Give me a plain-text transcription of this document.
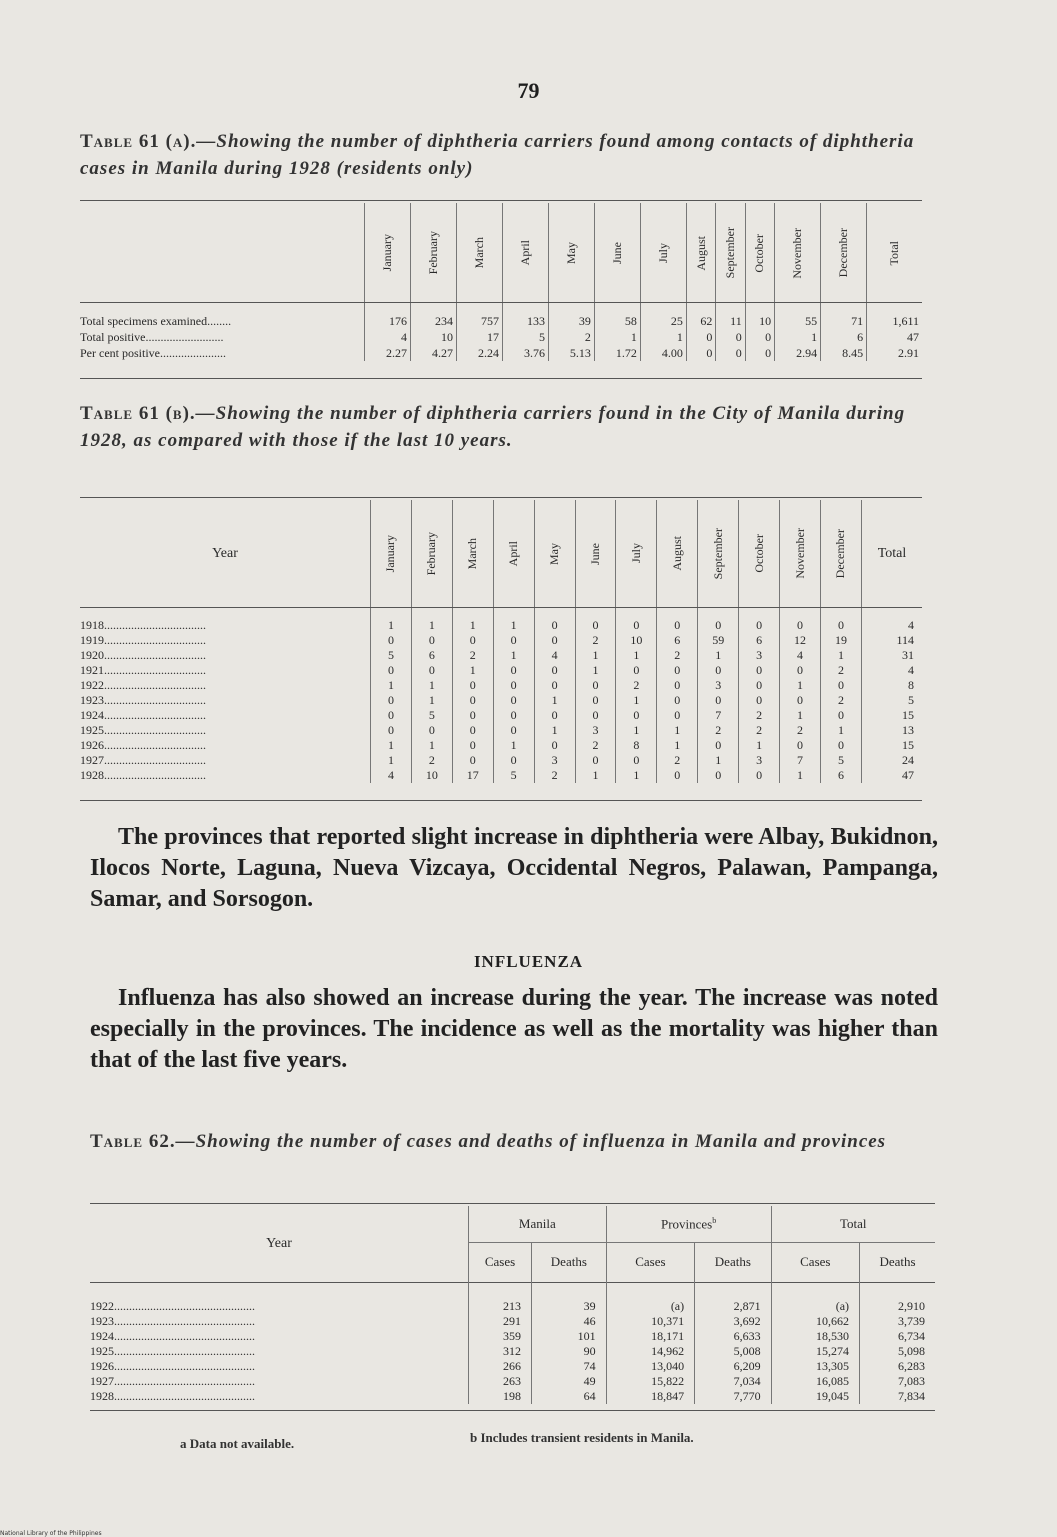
79
Table 61 (a).—Showing the number of diphtheria carriers found among contacts of diphtheria cases in Manila during 1928 (residents only)

	January	February	March	April	May	June	July	August	September	October	November	December	Total

Total specimens examined........	176	234	757	133	39	58	25	62	11	10	55	71	1,611
Total positive..........................	4	10	17	5	2	1	1	0	0	0	1	6	47
Per cent positive......................	2.27	4.27	2.24	3.76	5.13	1.72	4.00	0	0	0	2.94	8.45	2.91
Table 61 (b).—Showing the number of diphtheria carriers found in the City of Manila during 1928, as compared with those if the last 10 years.
Year	January	February	March	April	May	June	July	August	September	October	November	December	Total
1918..................................	1	1	1	1	0	0	0	0	0	0	0	0	4
1919..................................	0	0	0	0	0	2	10	6	59	6	12	19	114
1920..................................	5	6	2	1	4	1	1	2	1	3	4	1	31
1921..................................	0	0	1	0	0	1	0	0	0	0	0	2	4
1922..................................	1	1	0	0	0	0	2	0	3	0	1	0	8
1923..................................	0	1	0	0	1	0	1	0	0	0	0	2	5
1924..................................	0	5	0	0	0	0	0	0	7	2	1	0	15
1925..................................	0	0	0	0	1	3	1	1	2	2	2	1	13
1926..................................	1	1	0	1	0	2	8	1	0	1	0	0	15
1927..................................	1	2	0	0	3	0	0	2	1	3	7	5	24
1928..................................	4	10	17	5	2	1	1	0	0	0	1	6	47
The provinces that reported slight increase in diphtheria were Albay, Bukidnon, Ilocos Norte, Laguna, Nueva Vizcaya, Occidental Negros, Palawan, Pampanga, Samar, and Sorsogon.
INFLUENZA
Influenza has also showed an increase during the year. The increase was noted especially in the provinces. The incidence as well as the mortality was higher than that of the last five years.
Table 62.—Showing the number of cases and deaths of influenza in Manila and provinces
Year	Manila		Provinces$^b$		Total	
	Cases	Deaths	Cases	Deaths	Cases	Deaths
1922...............................................	213	39	(a)	2,871	(a)	2,910
1923...............................................	291	46	10,371	3,692	10,662	3,739
1924...............................................	359	101	18,171	6,633	18,530	6,734
1925...............................................	312	90	14,962	5,008	15,274	5,098
1926...............................................	266	74	13,040	6,209	13,305	6,283
1927...............................................	263	49	15,822	7,034	16,085	7,083
1928...............................................	198	64	18,847	7,770	19,045	7,834
a Data not available.	b Includes transient residents in Manila.
National Library of the Philippines
